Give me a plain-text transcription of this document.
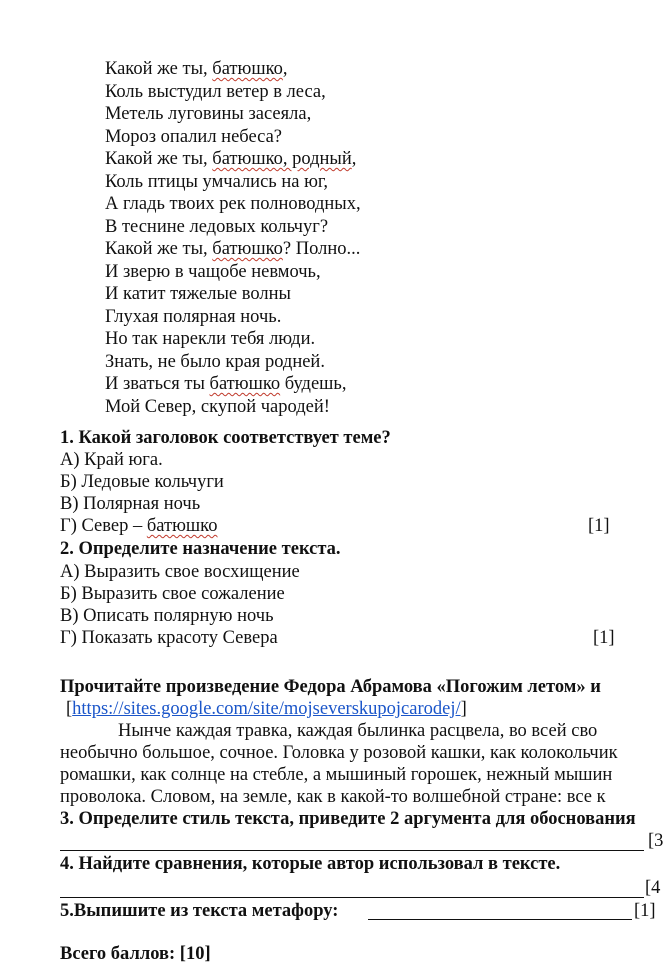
Какой же ты, батюшко,
Коль выстудил ветер в леса,
Метель луговины засеяла,
Мороз опалил небеса?
Какой же ты, батюшко, родный,
Коль птицы умчались на юг,
А гладь твоих рек полноводных,
В теснине ледовых кольчуг?
Какой же ты, батюшко? Полно...
И зверю в чащобе невмочь,
И катит тяжелые волны
Глухая полярная ночь.
Но так нарекли тебя люди.
Знать, не было края родней.
И зваться ты батюшко будешь,
Мой Север, скупой чародей!
1. Какой заголовок соответствует теме?
А) Край юга.
Б) Ледовые кольчуги
В) Полярная ночь
Г) Север – батюшко	[1]
2. Определите назначение текста.
А) Выразить свое восхищение
Б) Выразить свое сожаление
В) Описать полярную ночь
Г) Показать красоту Севера	[1]
Прочитайте произведение Федора Абрамова «Погожим летом» и
[https://sites.google.com/site/mojseverskupojcarodej/]
Нынче каждая травка, каждая былинка расцвела, во всей сво
необычно большое, сочное. Головка у розовой кашки, как колокольчик
ромашки, как солнце на стебле, а мышиный горошек, нежный мышин
проволока. Словом, на земле, как в какой-то волшебной стране: все к
3. Определите стиль текста, приведите 2 аргумента для обоснования
[3
4. Найдите сравнения, которые автор использовал в тексте.
[4
5.Выпишите из текста метафору:	[1]
Всего баллов: [10]
